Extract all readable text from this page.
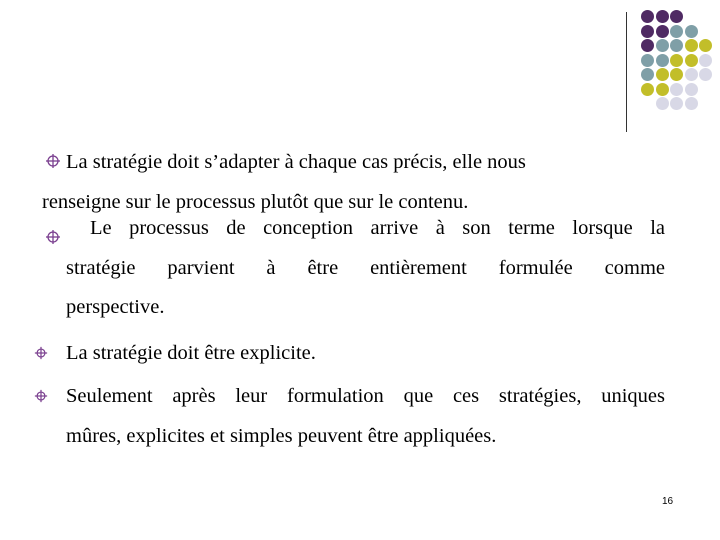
La stratégie doit s’adapter à chaque cas précis, elle nous
renseigne sur le processus plutôt que sur le contenu.
Le processus de conception arrive à son terme lorsque la
stratégie parvient à être entièrement formulée comme
perspective.
La stratégie doit être explicite.
Seulement après leur formulation que ces stratégies, uniques
mûres, explicites et simples peuvent être appliquées.
16
